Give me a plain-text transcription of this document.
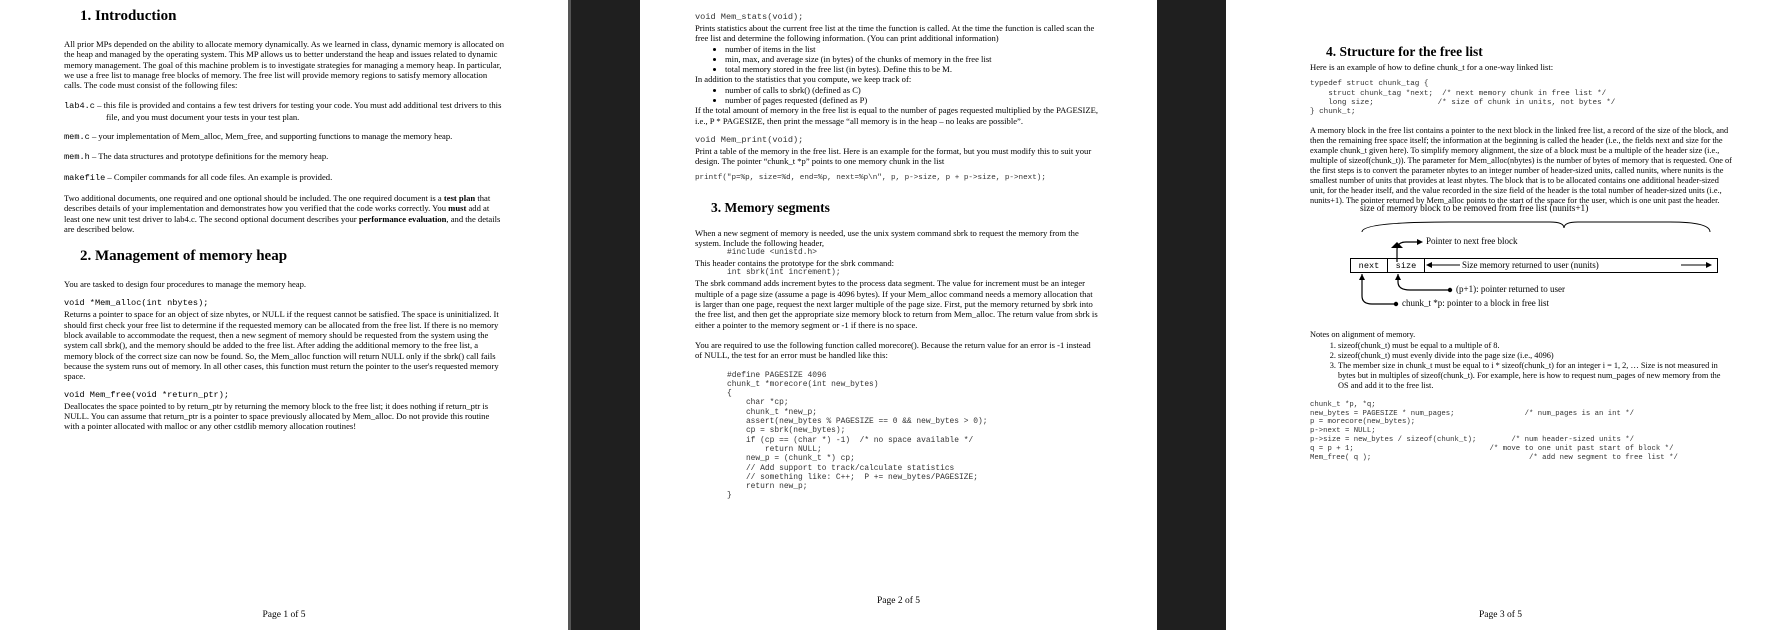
1. Introduction

All prior MPs depended on the ability to allocate memory dynamically. As we learned in class, dynamic memory is allocated on the heap and managed by the operating system. This MP allows us to better understand the heap and issues related to dynamic memory management. The goal of this machine problem is to investigate strategies for managing a memory heap. In particular, we use a free list to manage free blocks of memory. The free list will provide memory regions to satisfy memory allocation calls. The code must consist of the following files:

lab4.c – this file is provided and contains a few test drivers for testing your code. You must add additional test drivers to this file, and you must document your tests in your test plan.

mem.c – your implementation of Mem_alloc, Mem_free, and supporting functions to manage the memory heap.

mem.h – The data structures and prototype definitions for the memory heap.

makefile – Compiler commands for all code files. An example is provided.

Two additional documents, one required and one optional should be included. The one required document is a test plan that describes details of your implementation and demonstrates how you verified that the code works correctly. You must add at least one new unit test driver to lab4.c. The second optional document describes your performance evaluation, and the details are described below.

2. Management of memory heap

You are tasked to design four procedures to manage the memory heap.

void *Mem_alloc(int nbytes);

Returns a pointer to space for an object of size nbytes, or NULL if the request cannot be satisfied. The space is uninitialized. It should first check your free list to determine if the requested memory can be allocated from the free list. If there is no memory block available to accommodate the request, then a new segment of memory should be requested from the system using the system call sbrk(), and the memory should be added to the free list. After adding the additional memory to the free list, a memory block of the correct size can now be found. So, the Mem_alloc function will return NULL only if the sbrk() call fails because the system runs out of memory. In all other cases, this function must return the pointer to the user's requested memory space.

void Mem_free(void *return_ptr);

Deallocates the space pointed to by return_ptr by returning the memory block to the free list; it does nothing if return_ptr is NULL. You can assume that return_ptr is a pointer to space previously allocated by Mem_alloc. Do not provide this routine with a pointer allocated with malloc or any other cstdlib memory allocation routines!

Page 1 of 5

void Mem_stats(void);

Prints statistics about the current free list at the time the function is called. At the time the function is called scan the free list and determine the following information. (You can print additional information)

• number of items in the list
• min, max, and average size (in bytes) of the chunks of memory in the free list
• total memory stored in the free list (in bytes). Define this to be M.

In addition to the statistics that you compute, we keep track of:

• number of calls to sbrk() (defined as C)
• number of pages requested (defined as P)

If the total amount of memory in the free list is equal to the number of pages requested multiplied by the PAGESIZE, i.e., P * PAGESIZE, then print the message “all memory is in the heap – no leaks are possible”.

void Mem_print(void);

Print a table of the memory in the free list. Here is an example for the format, but you must modify this to suit your design. The pointer “chunk_t *p” points to one memory chunk in the list

printf("p=%p, size=%d, end=%p, next=%p\n", p, p->size, p + p->size, p->next);

3. Memory segments

When a new segment of memory is needed, use the unix system command sbrk to request the memory from the system. Include the following header,

#include <unistd.h>

This header contains the prototype for the sbrk command:

int sbrk(int increment);

The sbrk command adds increment bytes to the process data segment. The value for increment must be an integer multiple of a page size (assume a page is 4096 bytes). If your Mem_alloc command needs a memory allocation that is larger than one page, request the next larger multiple of the page size. First, put the memory returned by sbrk into the free list, and then get the appropriate size memory block to return from Mem_alloc. The return value from sbrk is either a pointer to the memory segment or -1 if there is no space.

You are required to use the following function called morecore(). Because the return value for an error is -1 instead of NULL, the test for an error must be handled like this:

#define PAGESIZE 4096
chunk_t *morecore(int new_bytes)
{
char *cp;
chunk_t *new_p;
assert(new_bytes % PAGESIZE == 0 && new_bytes > 0);
cp = sbrk(new_bytes);
if (cp == (char *) -1)  /* no space available */
return NULL;
new_p = (chunk_t *) cp;
// Add support to track/calculate statistics
// something like: C++;  P += new_bytes/PAGESIZE;
return new_p;
}
Page 2 of 5
4. Structure for the free list

Here is an example of how to define chunk_t for a one-way linked list:

typedef struct chunk_tag {
struct chunk_tag *next;  /* next memory chunk in free list */
long size;              /* size of chunk in units, not bytes */
} chunk_t;

A memory block in the free list contains a pointer to the next block in the linked free list, a record of the size of the block, and then the remaining free space itself; the information at the beginning is called the header (i.e., the fields next and size for the example chunk_t given here). To simplify memory alignment, the size of a block must be a multiple of the header size (i.e., multiple of sizeof(chunk_t)). The parameter for Mem_alloc(nbytes) is the number of bytes of memory that is requested. One of the first steps is to convert the parameter nbytes to an integer number of header-sized units, called nunits, where nunits is the smallest number of units that provides at least nbytes. The block that is to be allocated contains one additional header-sized unit, for the header itself, and the value recorded in the size field of the header is the total number of header-sized units (i.e., nunits+1). The pointer returned by Mem_alloc points to the start of the space for the user, which is one unit past the header.

size of memory block to be removed from free list (nunits+1)
Pointer to next free block
next	size	Size memory returned to user (nunits)
(p+1): pointer returned to user
chunk_t *p: pointer to a block in free list

Notes on alignment of memory.

1. sizeof(chunk_t) must be equal to a multiple of 8.
2. sizeof(chunk_t) must evenly divide into the page size (i.e., 4096)
3. The member size in chunk_t must be equal to i * sizeof(chunk_t) for an integer i = 1, 2, … Size is not measured in bytes but in multiples of sizeof(chunk_t). For example, here is how to request num_pages of new memory from the OS and add it to the free list.
chunk_t *p, *q;
new_bytes = PAGESIZE * num_pages;                /* num_pages is an int */
p = morecore(new_bytes);
p->next = NULL;
p->size = new_bytes / sizeof(chunk_t);        /* num header-sized units */
q = p + 1;                               /* move to one unit past start of block */
Mem_free( q );                                    /* add new segment to free list */
Page 3 of 5
